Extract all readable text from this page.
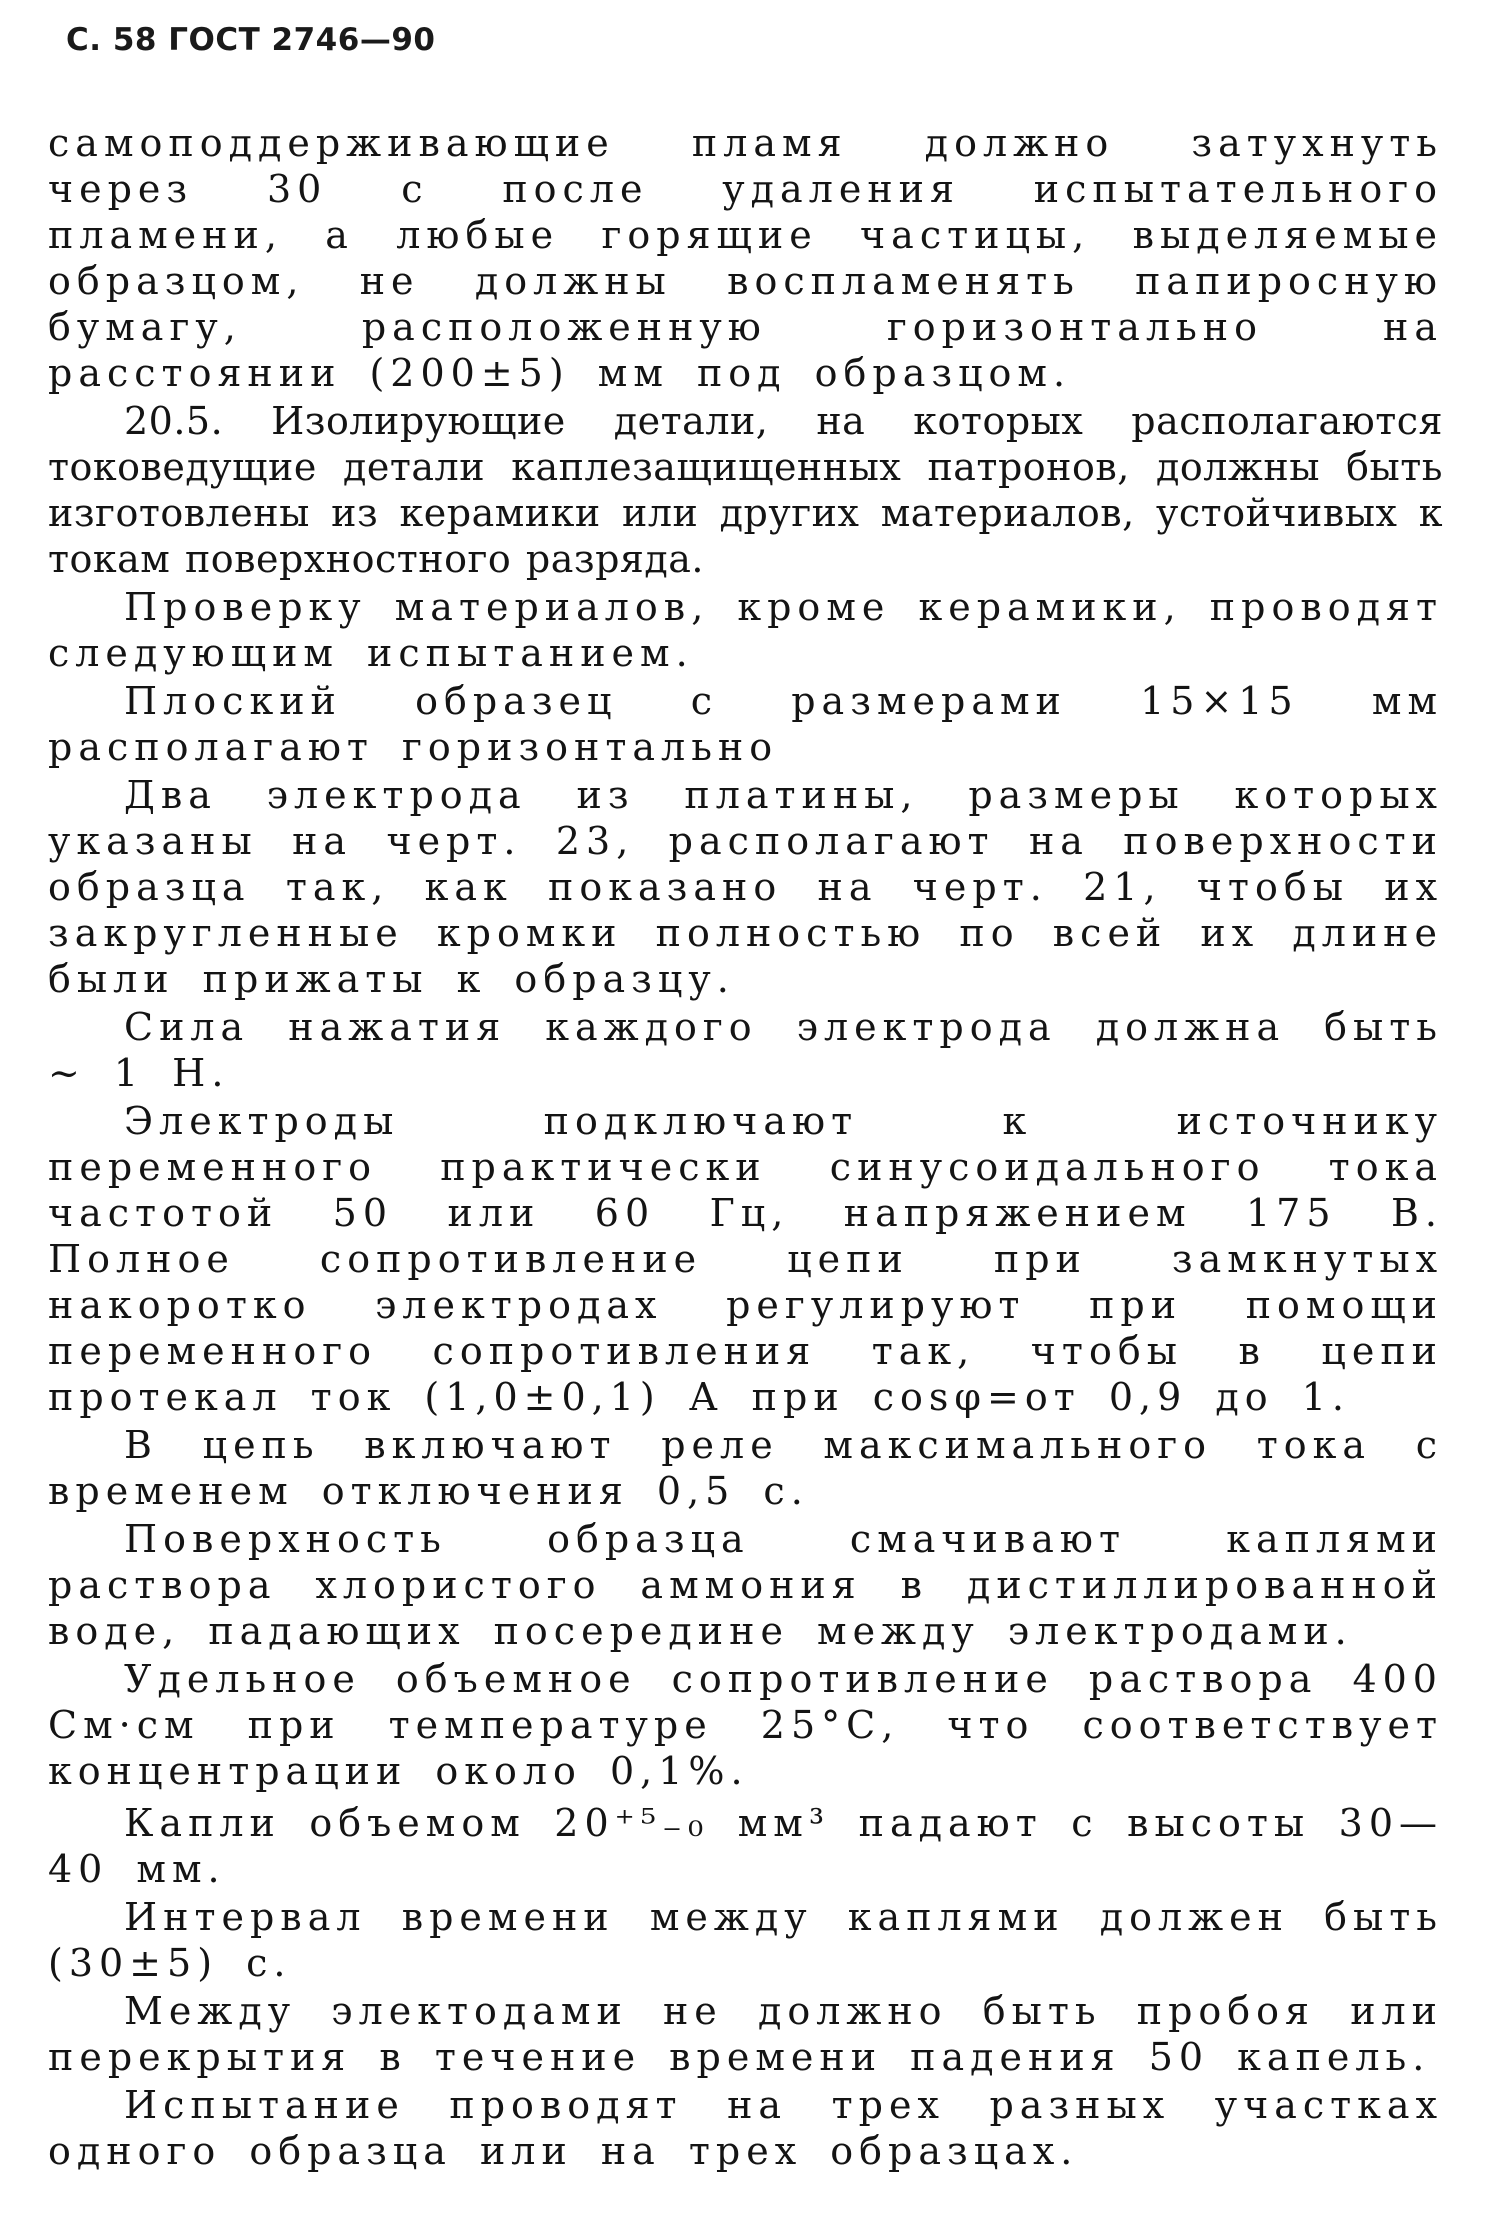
С. 58 ГОСТ 2746—90

самоподдерживающие пламя должно затухнуть через 30 с после удаления испытательного пламени, а любые горящие частицы, выделяемые образцом, не должны воспламенять папиросную бумагу, расположенную горизонтально на расстоянии (200±5) мм под образцом.

20.5. Изолирующие детали, на которых располагаются токоведущие детали каплезащищенных патронов, должны быть изготовлены из керамики или других материалов, устойчивых к токам поверхностного разряда.

Проверку материалов, кроме керамики, проводят следующим испытанием.

Плоский образец с размерами 15×15 мм располагают горизонтально

Два электрода из платины, размеры которых указаны на черт. 23, располагают на поверхности образца так, как показано на черт. 21, чтобы их закругленные кромки полностью по всей их длине были прижаты к образцу.

Сила нажатия каждого электрода должна быть ~ 1 Н.

Электроды подключают к источнику переменного практически синусоидального тока частотой 50 или 60 Гц, напряжением 175 В. Полное сопротивление цепи при замкнутых накоротко электродах регулируют при помощи переменного сопротивления так, чтобы в цепи протекал ток (1,0±0,1) А при cosφ=от 0,9 до 1.

В цепь включают реле максимального тока с временем отключения 0,5 с.

Поверхность образца смачивают каплями раствора хлористого аммония в дистиллированной воде, падающих посередине между электродами.

Удельное объемное сопротивление раствора 400 См·см при температуре 25°С, что соответствует концентрации около 0,1%.

Капли объемом 20⁺⁵₋₀ мм³ падают с высоты 30—40 мм.

Интервал времени между каплями должен быть (30±5) с.

Между электодами не должно быть пробоя или перекрытия в течение времени падения 50 капель.

Испытание проводят на трех разных участках одного образца или на трех образцах.
